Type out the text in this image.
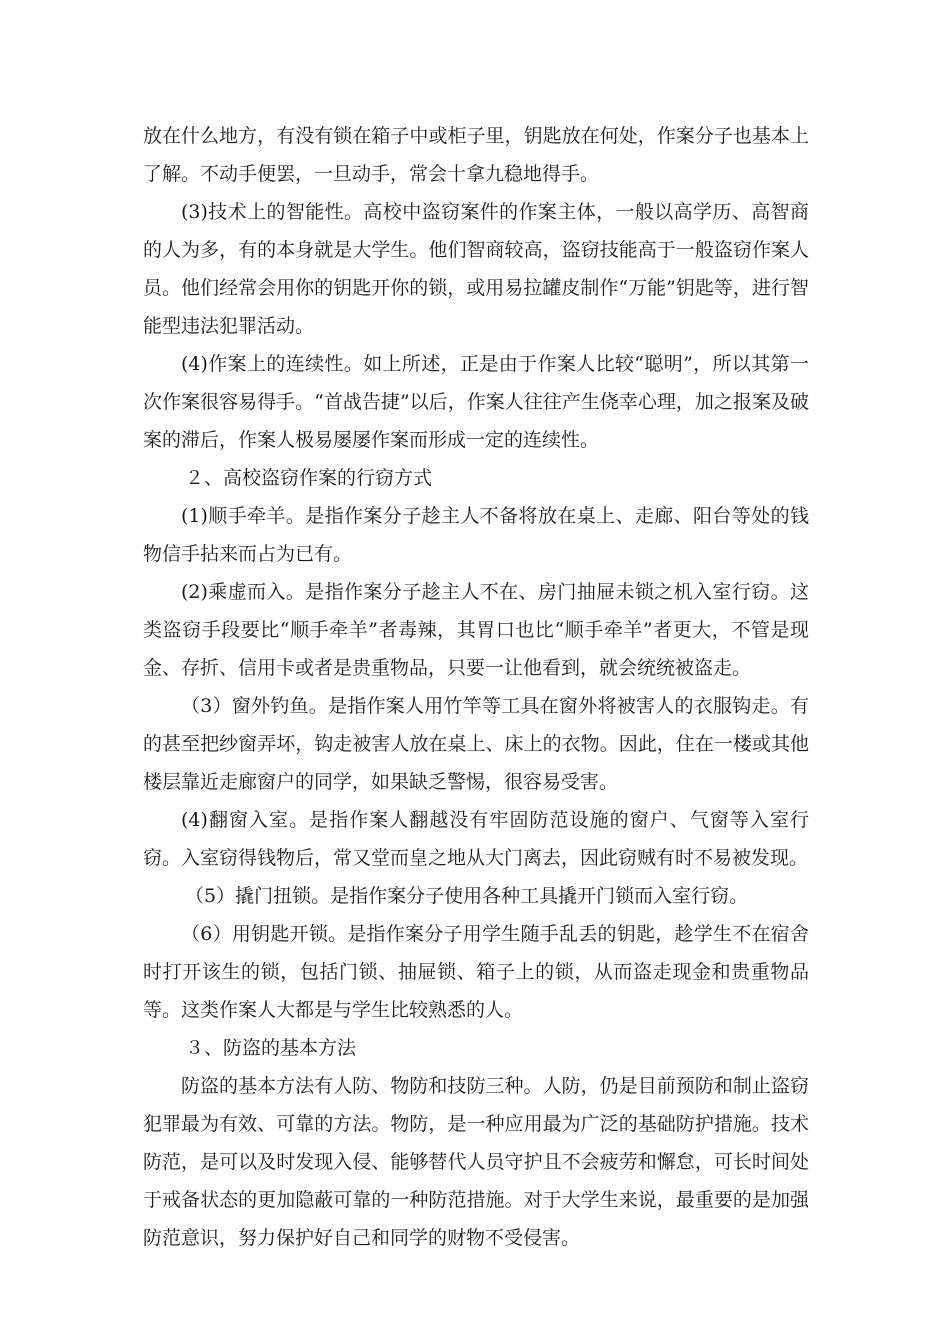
放在什么地方，有没有锁在箱子中或柜子里，钥匙放在何处，作案分子也基本上了解。不动手便罢，一旦动手，常会十拿九稳地得手。

(3)技术上的智能性。高校中盗窃案件的作案主体，一般以高学历、高智商的人为多，有的本身就是大学生。他们智商较高，盗窃技能高于一般盗窃作案人员。他们经常会用你的钥匙开你的锁，或用易拉罐皮制作“万能”钥匙等，进行智能型违法犯罪活动。

(4)作案上的连续性。如上所述，正是由于作案人比较“聪明”，所以其第一次作案很容易得手。“首战告捷”以后，作案人往往产生侥幸心理，加之报案及破案的滞后，作案人极易屡屡作案而形成一定的连续性。

２、高校盗窃作案的行窃方式

(1)顺手牵羊。是指作案分子趁主人不备将放在桌上、走廊、阳台等处的钱物信手拈来而占为已有。

(2)乘虚而入。是指作案分子趁主人不在、房门抽屉未锁之机入室行窃。这类盗窃手段要比“顺手牵羊”者毒辣，其胃口也比“顺手牵羊”者更大，不管是现金、存折、信用卡或者是贵重物品，只要一让他看到，就会统统被盗走。

（3）窗外钓鱼。是指作案人用竹竿等工具在窗外将被害人的衣服钩走。有的甚至把纱窗弄坏，钩走被害人放在桌上、床上的衣物。因此，住在一楼或其他楼层靠近走廊窗户的同学，如果缺乏警惕，很容易受害。

(4)翻窗入室。是指作案人翻越没有牢固防范设施的窗户、气窗等入室行窃。入室窃得钱物后，常又堂而皇之地从大门离去，因此窃贼有时不易被发现。

（5）撬门扭锁。是指作案分子使用各种工具撬开门锁而入室行窃。

（6）用钥匙开锁。是指作案分子用学生随手乱丢的钥匙，趁学生不在宿舍时打开该生的锁，包括门锁、抽屉锁、箱子上的锁，从而盗走现金和贵重物品等。这类作案人大都是与学生比较熟悉的人。

３、防盗的基本方法

防盗的基本方法有人防、物防和技防三种。人防，仍是目前预防和制止盗窃犯罪最为有效、可靠的方法。物防，是一种应用最为广泛的基础防护措施。技术防范，是可以及时发现入侵、能够替代人员守护且不会疲劳和懈怠，可长时间处于戒备状态的更加隐蔽可靠的一种防范措施。对于大学生来说，最重要的是加强防范意识，努力保护好自己和同学的财物不受侵害。
